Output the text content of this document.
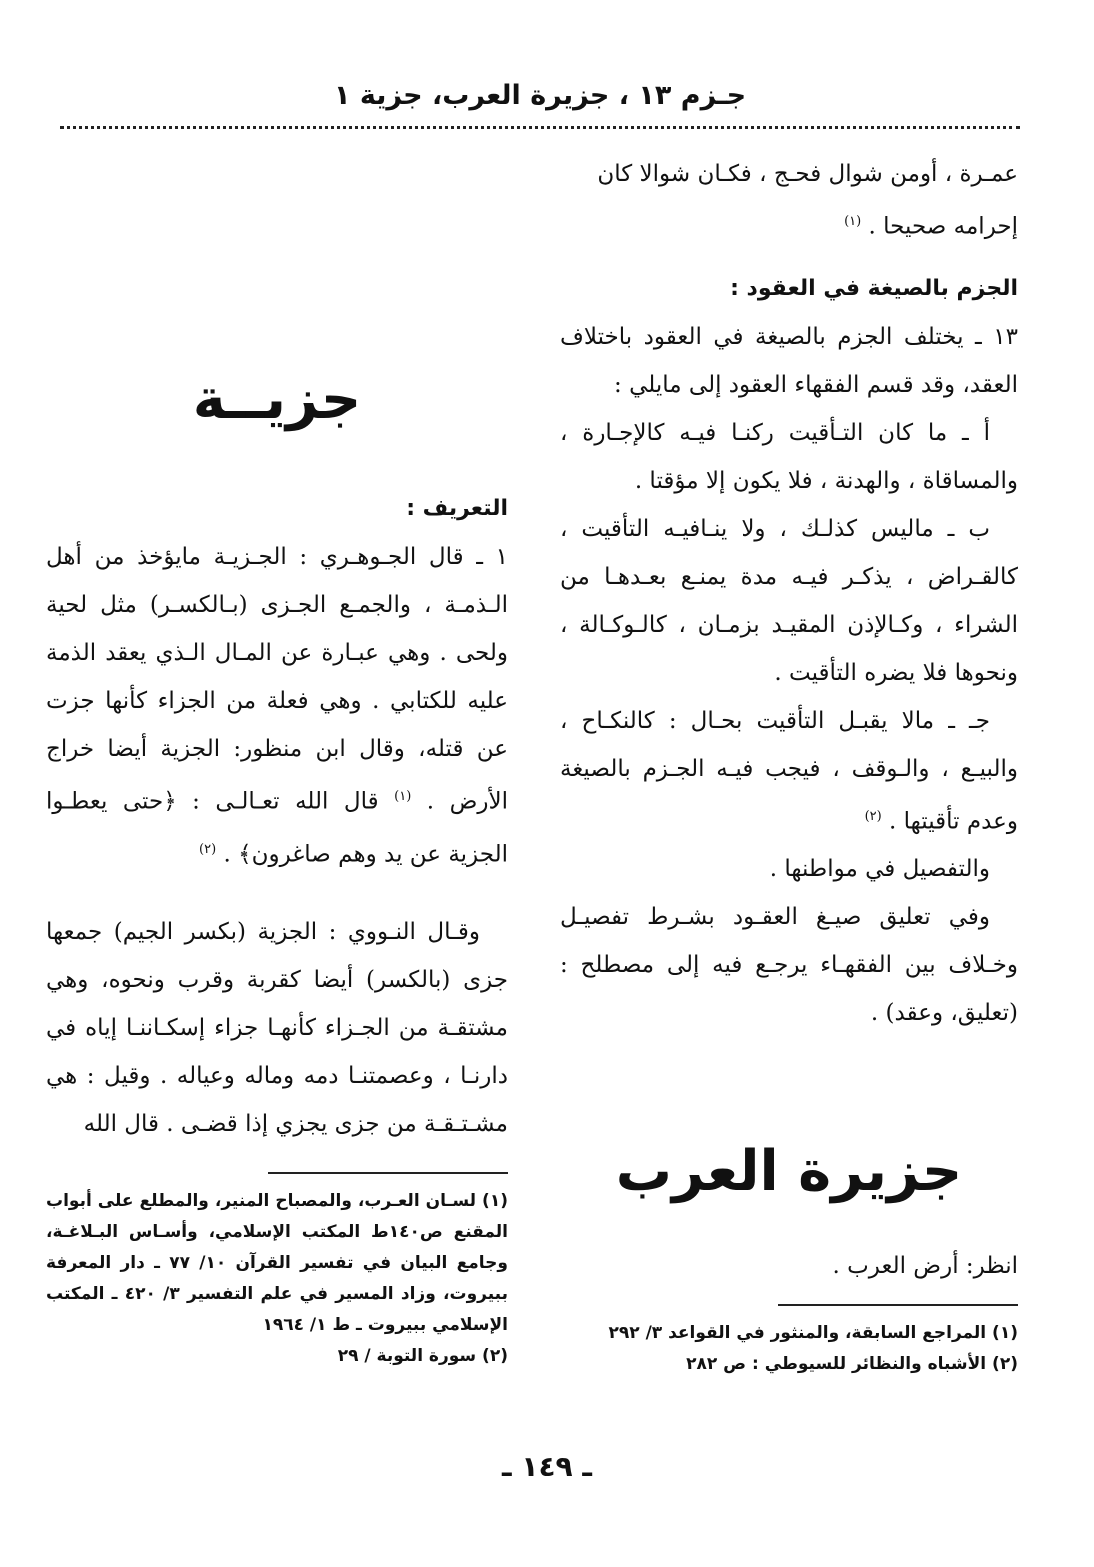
جـزم ١٣ ، جزيرة العرب، جزية ١

عمـرة ، أومن شوال فحـج ، فكـان شوالا كان

إحرامه صحيحا . $^{(١)}$

الجزم بالصيغة في العقود :

١٣ ـ يختلف الجزم بالصيغة في العقود باختلاف العقد، وقد قسم الفقهاء العقود إلى مايلي :

أ ـ ما كان التـأقيت ركنـا فيـه كالإجـارة ، والمساقاة ، والهدنة ، فلا يكون إلا مؤقتا .

ب ـ ماليس كذلـك ، ولا ينـافيـه التأقيت ، كالقـراض ، يذكـر فيـه مدة يمنـع بعـدهـا من الشراء ، وكـالإذن المقيـد بزمـان ، كالـوكـالة ، ونحوها فلا يضره التأقيت .

جـ ـ مالا يقبـل التأقيت بحـال : كالنكـاح ، والبيـع ، والـوقف ، فيجب فيـه الجـزم بالصيغة وعدم تأقيتها . $^{(٢)}$

والتفصيل في مواطنها .

وفي تعليق صيـغ العقـود بشـرط تفصيـل وخـلاف بين الفقهـاء يرجـع فيه إلى مصطلح : (تعليق، وعقد) .

جزيرة العرب

انظر: أرض العرب .

(١) المراجع السابقة، والمنثور في القواعد ٣/ ٢٩٢

(٢) الأشباه والنظائر للسيوطي : ص ٢٨٢

جزيــة

التعريف :

١ ـ قال الجـوهـري : الجـزيـة مايؤخذ من أهل الـذمـة ، والجمـع الجـزى (بـالكسـر) مثل لحية ولحى . وهي عبـارة عن المـال الـذي يعقد الذمة عليه للكتابي . وهي فعلة من الجزاء كأنها جزت عن قتله، وقال ابن منظور: الجزية أيضا خراج الأرض . $^{(١)}$ قال الله تعـالـى : ﴿حتى يعطـوا الجزية عن يد وهم صاغرون﴾ . $^{(٢)}$

وقـال النـووي : الجزية (بكسر الجيم) جمعها جزى (بالكسر) أيضا كقربة وقرب ونحوه، وهي مشتقـة من الجـزاء كأنهـا جزاء إسكـاننـا إياه في دارنـا ، وعصمتنـا دمه وماله وعياله . وقيل : هي مشـتـقـة من جزى يجزي إذا قضـى . قال الله

(١) لسـان العـرب، والمصباح المنير، والمطلع على أبواب المقنع ص١٤٠ط المكتب الإسلامي، وأسـاس البـلاغـة، وجامع البيان في تفسير القرآن ١٠/ ٧٧ ـ دار المعرفة ببيروت، وزاد المسير في علم التفسير ٣/ ٤٢٠ ـ المكتب الإسلامي ببيروت ـ ط ١/ ١٩٦٤

(٢) سورة التوبة / ٢٩

ـ ١٤٩ ـ
